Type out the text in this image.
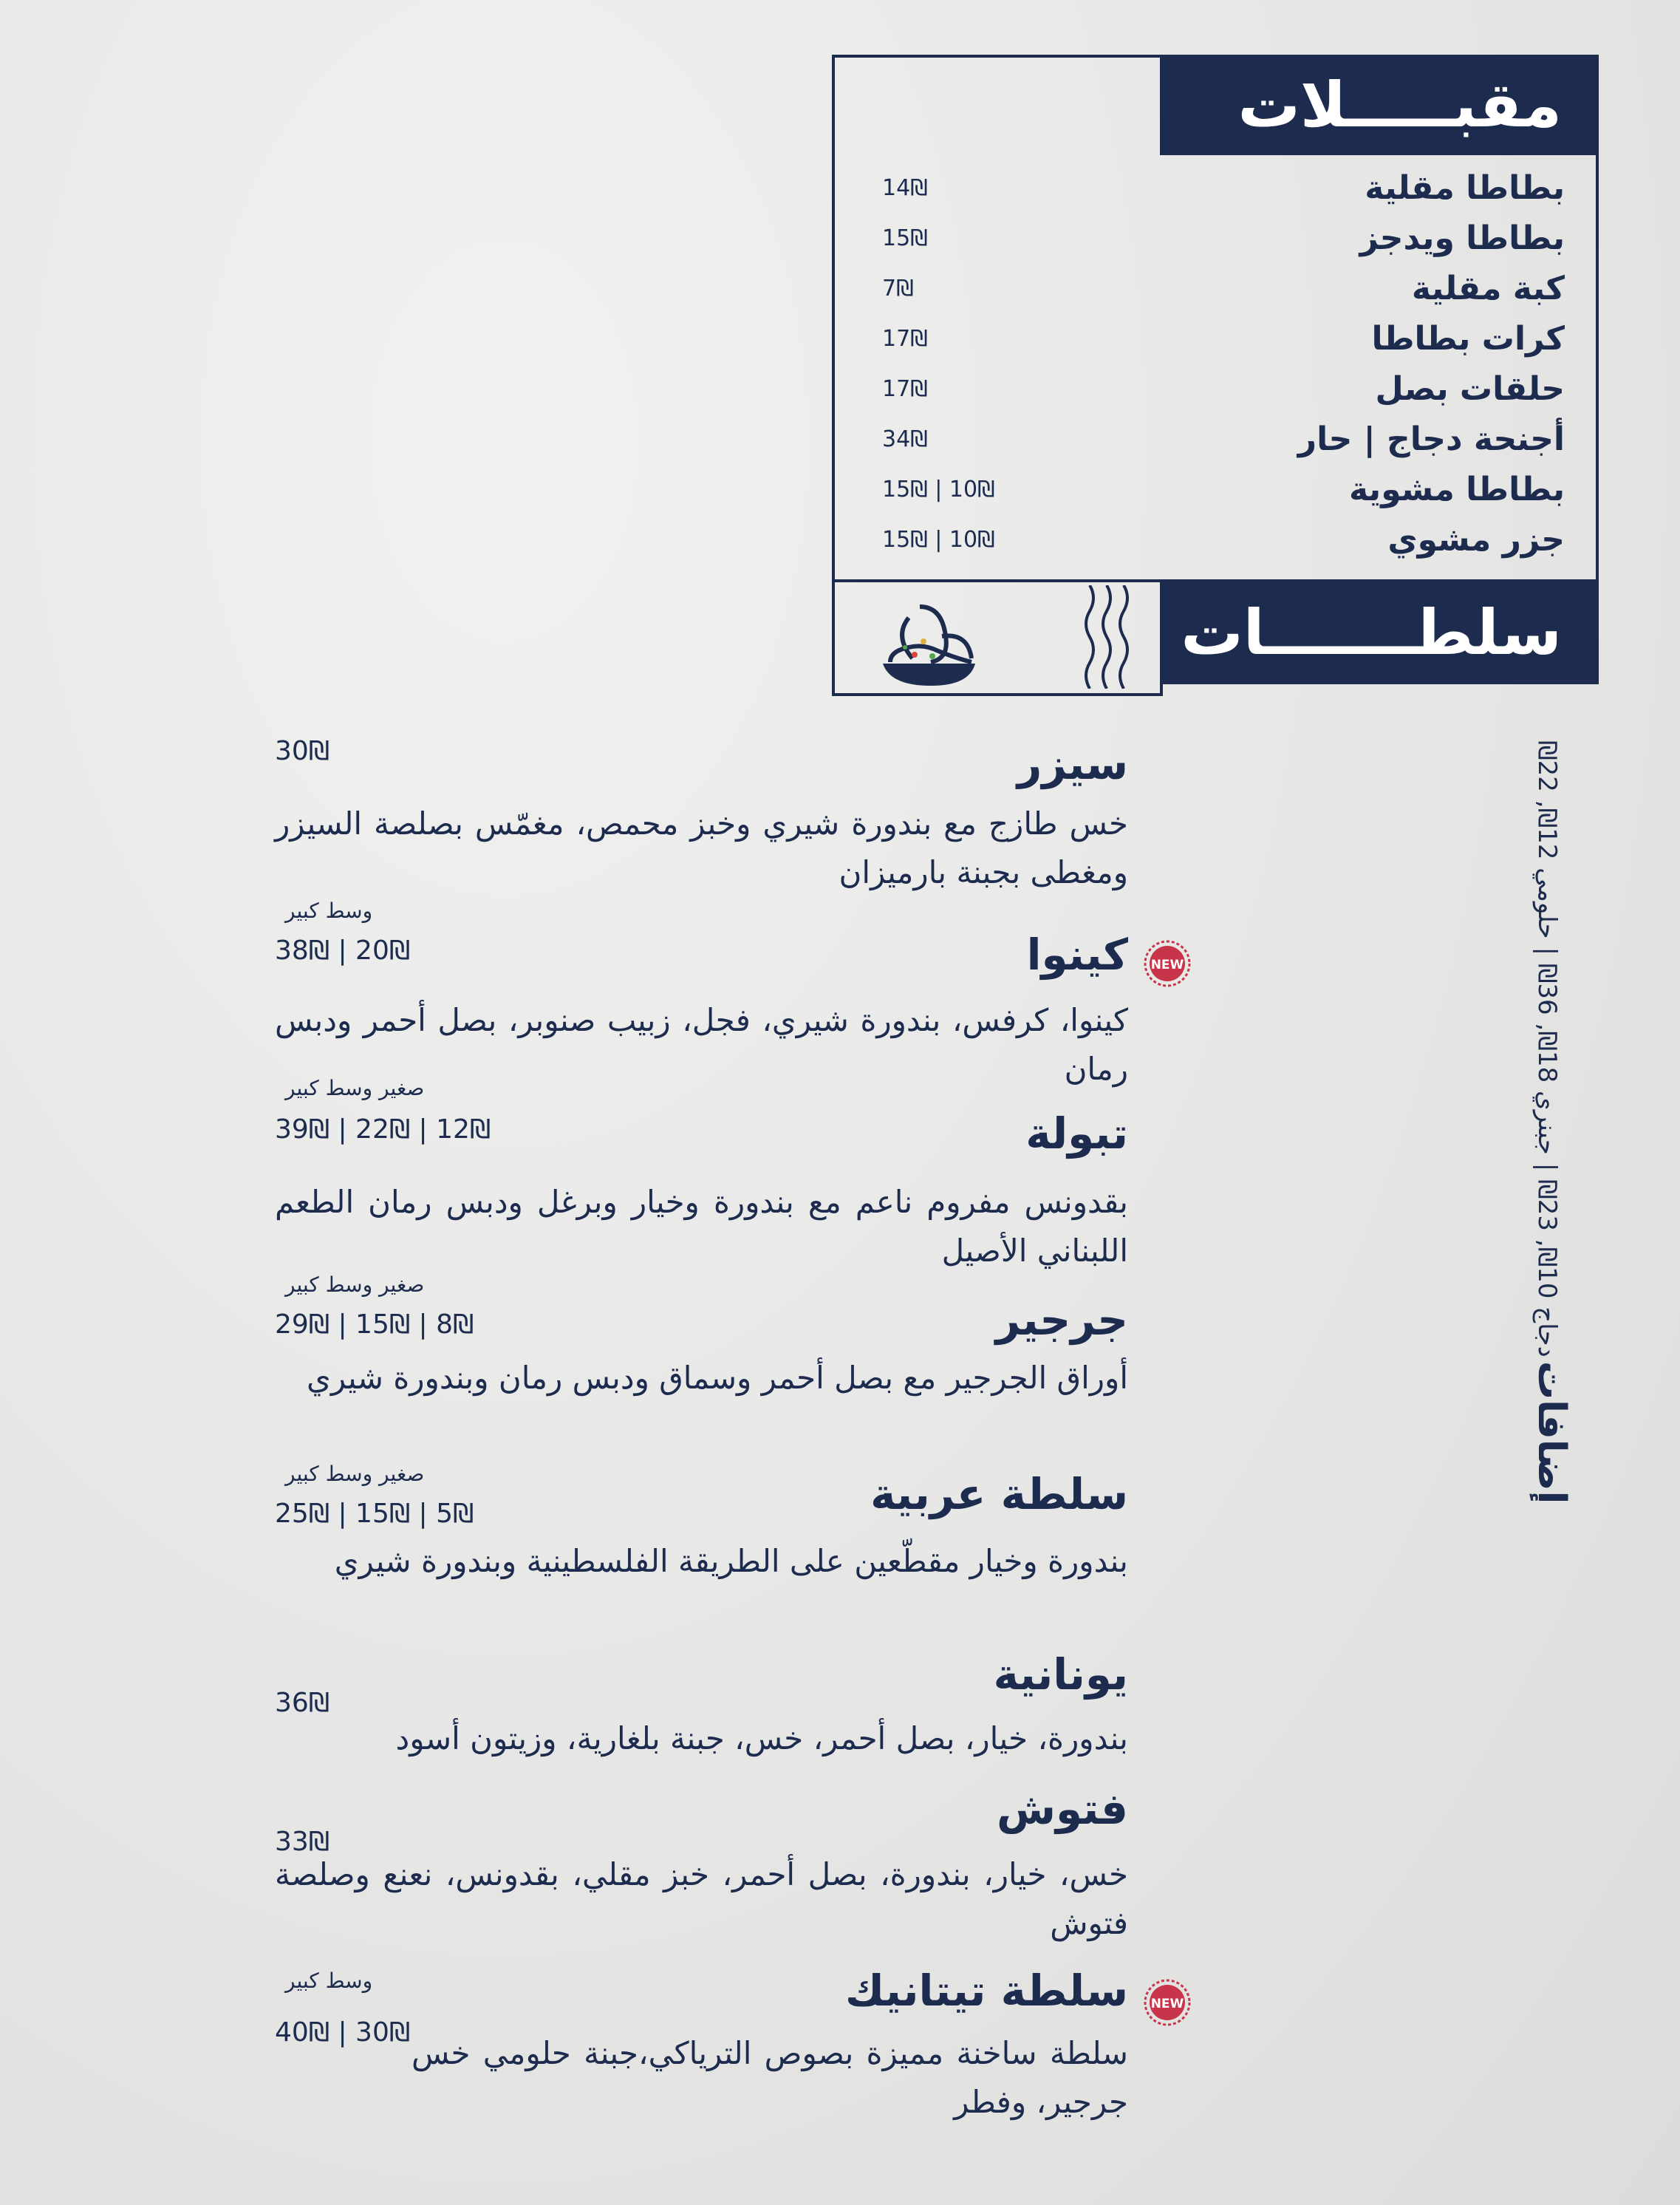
مقبـــــلات
بطاطا مقلية
14₪
بطاطا ويدجز
15₪
كبة مقلية
7₪
كرات بطاطا
17₪
حلقات بصل
17₪
أجنحة دجاج | حار
34₪
بطاطا مشوية
15₪ | 10₪
جزر مشوي
15₪ | 10₪
سلطـــــــات
سيزر
30₪
خس طازج مع بندورة شيري وخبز محمص، مغمّس بصلصة السيزر ومغطى بجبنة بارميزان
وسط كبير
كينوا
38₪ | 20₪	NEW
كينوا، كرفس، بندورة شيري، فجل، زبيب صنوبر، بصل أحمر ودبس رمان
صغير وسط كبير
تبولة
39₪ | 22₪ | 12₪
بقدونس مفروم ناعم مع بندورة وخيار وبرغل ودبس رمان الطعم اللبناني الأصيل
صغير وسط كبير
جرجير
29₪ | 15₪ | 8₪
أوراق الجرجير مع بصل أحمر وسماق ودبس رمان وبندورة شيري
صغير وسط كبير	سلطة عربية
25₪ | 15₪ | 5₪
بندورة وخيار مقطّعين على الطريقة الفلسطينية وبندورة شيري
يونانية
36₪
بندورة، خيار، بصل أحمر، خس، جبنة بلغارية، وزيتون أسود
فتوش
33₪
خس، خيار، بندورة، بصل أحمر، خبز مقلي، بقدونس، نعنع وصلصة فتوش
وسط كبير	سلطة تيتانيك
40₪ | 30₪
NEW
سلطة ساخنة مميزة بصوص الترياكي،جبنة حلومي خس جرجير، وفطر
إضافات دجاج 10₪, 23₪ | جبنري 18₪, 36₪ | حلومي 12₪, 22₪
